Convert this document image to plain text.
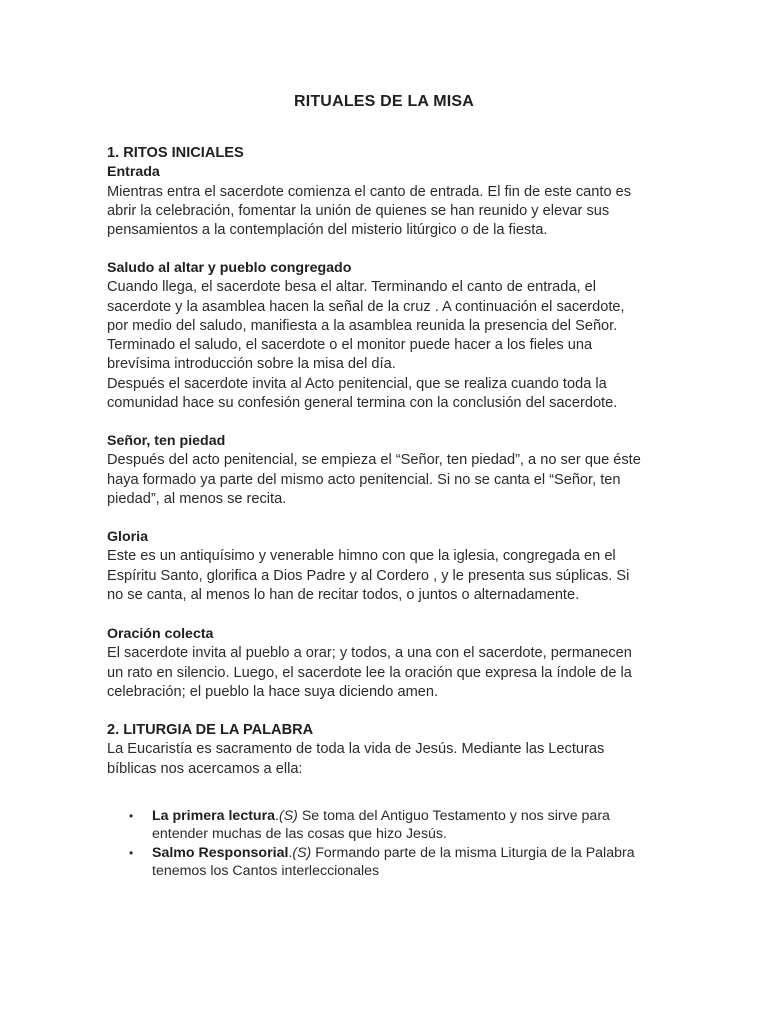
RITUALES DE LA MISA
1. RITOS INICIALES
Entrada
Mientras entra el sacerdote comienza el canto de entrada. El fin de este canto es
abrir la celebración, fomentar la unión de quienes se han reunido y elevar sus
pensamientos a la contemplación del misterio litúrgico o de la fiesta.
Saludo al altar y pueblo congregado
Cuando llega, el sacerdote besa el altar. Terminando el canto de entrada, el
sacerdote y la asamblea hacen la señal de la cruz . A continuación el sacerdote,
por medio del saludo, manifiesta a la asamblea reunida la presencia del Señor.
Terminado el saludo, el sacerdote o el monitor puede hacer a los fieles una
brevísima introducción sobre la misa del día.
Después el sacerdote invita al Acto penitencial, que se realiza cuando toda la
comunidad hace su confesión general termina con la conclusión del sacerdote.
Señor, ten piedad
Después del acto penitencial, se empieza el “Señor, ten piedad”, a no ser que éste
haya formado ya parte del mismo acto penitencial. Si no se canta el “Señor, ten
piedad”, al menos se recita.
Gloria
Este es un antiquísimo y venerable himno con que la iglesia, congregada en el
Espíritu Santo, glorifica a Dios Padre y al Cordero , y le presenta sus súplicas. Si
no se canta, al menos lo han de recitar todos, o juntos o alternadamente.
Oración colecta
El sacerdote invita al pueblo a orar; y todos, a una con el sacerdote, permanecen
un rato en silencio. Luego, el sacerdote lee la oración que expresa la índole de la
celebración; el pueblo la hace suya diciendo amen.
2. LITURGIA DE LA PALABRA
La Eucaristía es sacramento de toda la vida de Jesús. Mediante las Lecturas
bíblicas nos acercamos a ella:
• La primera lectura.(S) Se toma del Antiguo Testamento y nos sirve para entender muchas de las cosas que hizo Jesús.
• Salmo Responsorial.(S) Formando parte de la misma Liturgia de la Palabra tenemos los Cantos interleccionales
